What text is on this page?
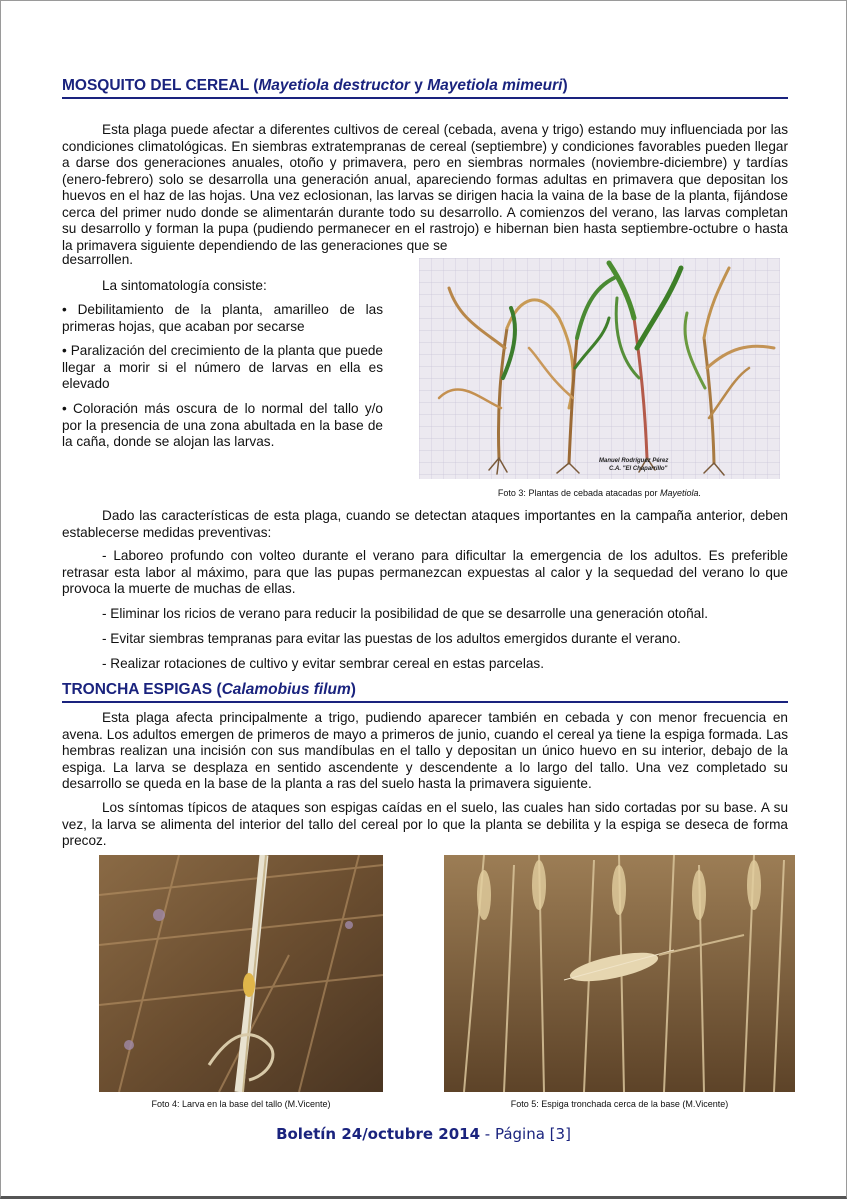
MOSQUITO DEL CEREAL (Mayetiola destructor y Mayetiola mimeuri)

Esta plaga puede afectar a diferentes cultivos de cereal (cebada, avena y trigo) estando muy influenciada por las condiciones climatológicas. En siembras extratempranas de cereal (septiembre) y condiciones favorables pueden llegar a darse dos generaciones anuales, otoño y primavera, pero en siembras normales (noviembre-diciembre) y tardías (enero-febrero) solo se desarrolla una generación anual, apareciendo formas adultas en primavera que depositan los huevos en el haz de las hojas. Una vez eclosionan, las larvas se dirigen hacia la vaina de la base de la planta, fijándose cerca del primer nudo donde se alimentarán durante todo su desarrollo. A comienzos del verano, las larvas completan su desarrollo y forman la pupa (pudiendo permanecer en el rastrojo) e hibernan bien hasta septiembre-octubre o hasta la primavera siguiente dependiendo de las generaciones que se

desarrollen.

La sintomatología consiste:

• Debilitamiento de la planta, amarilleo de las primeras hojas, que acaban por secarse

• Paralización del crecimiento de la planta que puede llegar a morir si el número de larvas en ella es elevado

• Coloración más oscura de lo normal del tallo y/o por la presencia de una zona abultada en la base de la caña, donde se alojan las larvas.

Manuel Rodríguez Pérez
C.A. "El Chaparrillo"
Foto 3: Plantas de cebada atacadas por Mayetiola.

Dado las características de esta plaga, cuando se detectan ataques importantes en la campaña anterior, deben establecerse medidas preventivas:

- Laboreo profundo con volteo durante el verano para dificultar la emergencia de los adultos. Es preferible retrasar esta labor al máximo, para que las pupas permanezcan expuestas al calor y la sequedad del verano lo que provoca la muerte de muchas de ellas.

- Eliminar los ricios de verano para reducir la posibilidad de que se desarrolle una generación otoñal.

- Evitar siembras tempranas para evitar las puestas de los adultos emergidos durante el verano.

- Realizar rotaciones de cultivo y evitar sembrar cereal en estas parcelas.

TRONCHA ESPIGAS (Calamobius filum)

Esta plaga afecta principalmente a trigo, pudiendo aparecer también en cebada y con menor frecuencia en avena. Los adultos emergen de primeros de mayo a primeros de junio, cuando el cereal ya tiene la espiga formada. Las hembras realizan una incisión con sus mandíbulas en el tallo y depositan un único huevo en su interior, debajo de la espiga. La larva se desplaza en sentido ascendente y descendente a lo largo del tallo. Una vez completado su desarrollo se queda en la base de la planta a ras del suelo hasta la primavera siguiente.

Los síntomas típicos de ataques son espigas caídas en el suelo, las cuales han sido cortadas por su base. A su vez, la larva se alimenta del interior del tallo del cereal por lo que la planta se debilita y la espiga se deseca de forma precoz.

Foto 4: Larva en la base del tallo (M.Vicente)	Foto 5: Espiga tronchada cerca de la base (M.Vicente)
Boletín 24/octubre 2014 - Página [3]
